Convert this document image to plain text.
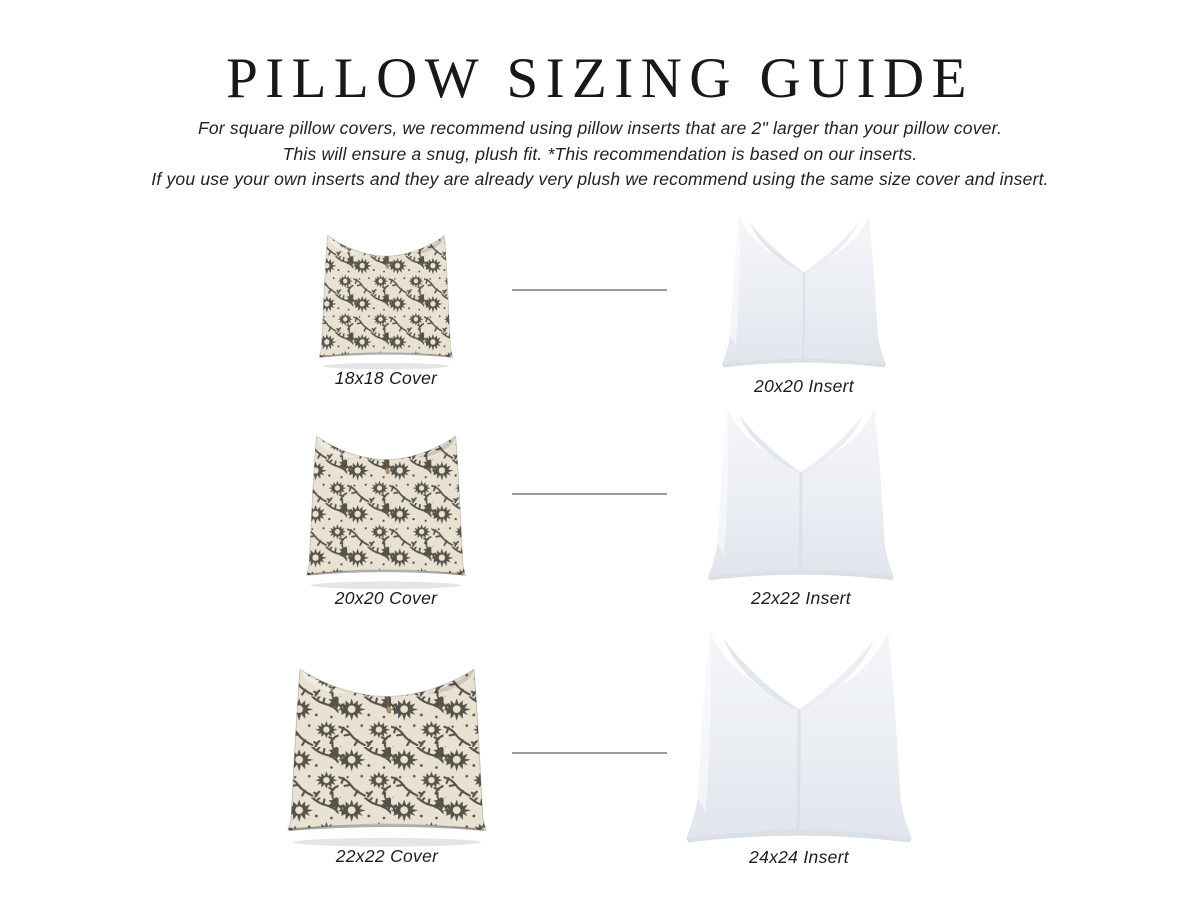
PILLOW SIZING GUIDE
For square pillow covers, we recommend using pillow inserts that are 2" larger than your pillow cover.
This will ensure a snug, plush fit. *This recommendation is based on our inserts.
If you use your own inserts and they are already very plush we recommend using the same size cover and insert.
18x18 Cover	20x20 Insert
20x20 Cover	22x22 Insert
22x22 Cover	24x24 Insert
